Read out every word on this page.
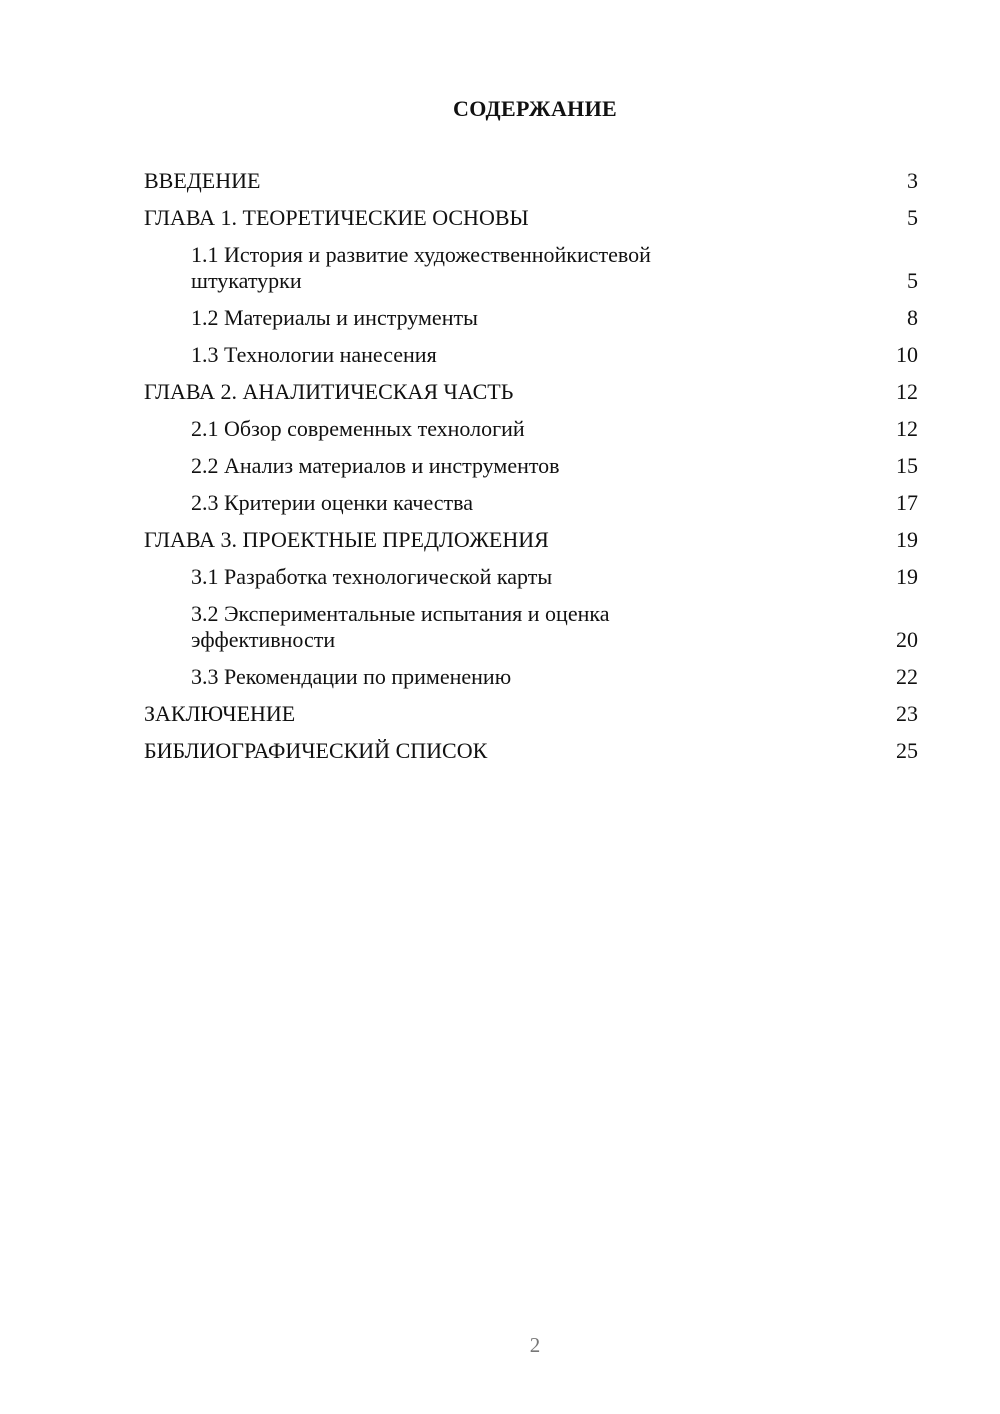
СОДЕРЖАНИЕ
ВВЕДЕНИЕ	3
ГЛАВА 1. ТЕОРЕТИЧЕСКИЕ ОСНОВЫ	5
1.1 История и развитие художественнойкистевой штукатурки	5
1.2 Материалы и инструменты	8
1.3 Технологии нанесения	10
ГЛАВА 2. АНАЛИТИЧЕСКАЯ ЧАСТЬ	12
2.1 Обзор современных технологий	12
2.2 Анализ материалов и инструментов	15
2.3 Критерии оценки качества	17
ГЛАВА 3. ПРОЕКТНЫЕ ПРЕДЛОЖЕНИЯ	19
3.1 Разработка технологической карты	19
3.2 Экспериментальные испытания и оценка эффективности	20
3.3 Рекомендации по применению	22
ЗАКЛЮЧЕНИЕ	23
БИБЛИОГРАФИЧЕСКИЙ СПИСОК	25
2
